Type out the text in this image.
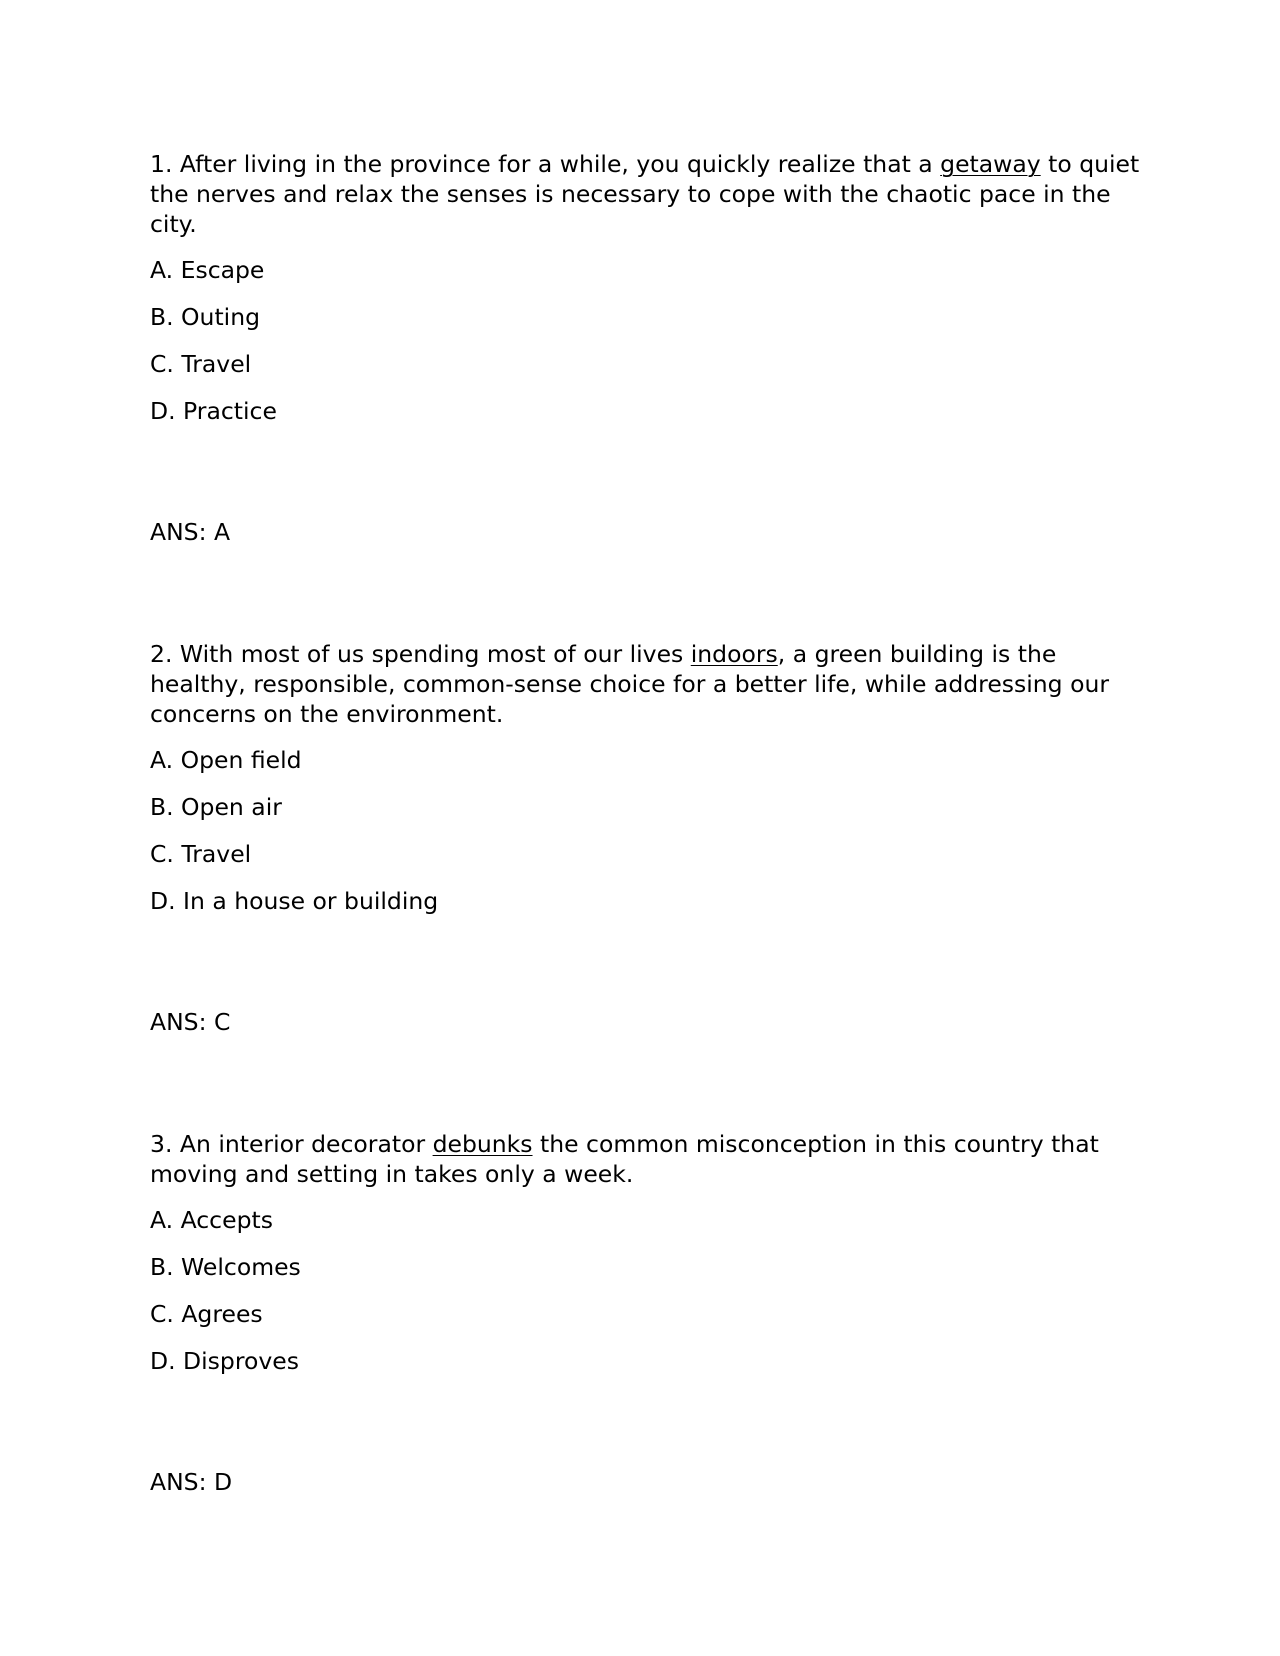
1. After living in the province for a while, you quickly realize that a getaway to quiet the nerves and relax the senses is necessary to cope with the chaotic pace in the city.

A. Escape
B. Outing
C. Travel
D. Practice

ANS: A

2. With most of us spending most of our lives indoors, a green building is the healthy, responsible, common-sense choice for a better life, while addressing our concerns on the environment.

A. Open field
B. Open air
C. Travel
D. In a house or building

ANS: C

3. An interior decorator debunks the common misconception in this country that moving and setting in takes only a week.

A. Accepts
B. Welcomes
C. Agrees
D. Disproves

ANS: D
